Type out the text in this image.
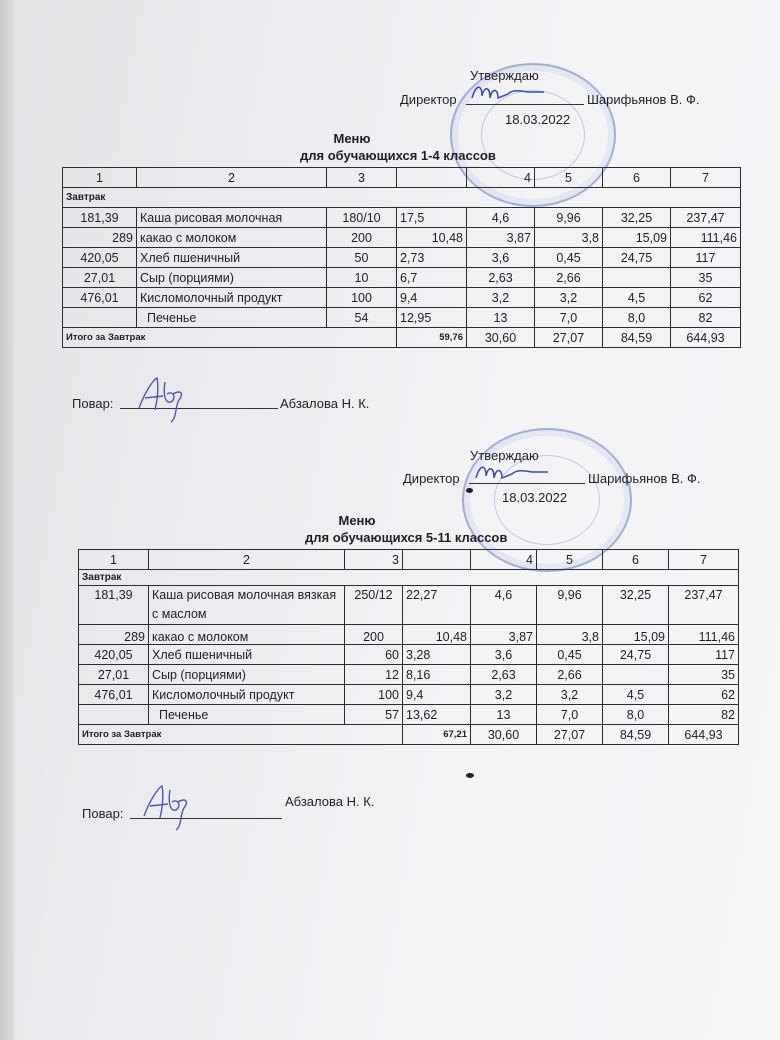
Утверждаю
Директор	Шарифьянов В. Ф.
18.03.2022
Меню
для обучающихся 1-4 классов
1	2	3		4	5	6	7
Завтрак							
181,39	Каша рисовая молочная	180/10	17,5	4,6	9,96	32,25	237,47
289	какао с молоком	200	10,48	3,87	3,8	15,09	111,46
420,05	Хлеб пшеничный	50	2,73	3,6	0,45	24,75	117
27,01	Сыр (порциями)	10	6,7	2,63	2,66		35
476,01	Кисломолочный продукт	100	9,4	3,2	3,2	4,5	62
	Печенье	54	12,95	13	7,0	8,0	82
Итого за Завтрак			59,76	30,60	27,07	84,59	644,93
Повар:	Абзалова Н. К.
Утверждаю
Директор	Шарифьянов В. Ф.
18.03.2022
Меню
для обучающихся 5-11 классов
1	2	3		4	5	6	7
Завтрак							
181,39	Каша рисовая молочная вязкая с маслом	250/12	22,27	4,6	9,96	32,25	237,47
289	какао с молоком	200	10,48	3,87	3,8	15,09	111,46
420,05	Хлеб пшеничный	60	3,28	3,6	0,45	24,75	117
27,01	Сыр (порциями)	12	8,16	2,63	2,66		35
476,01	Кисломолочный продукт	100	9,4	3,2	3,2	4,5	62
	Печенье	57	13,62	13	7,0	8,0	82
Итого за Завтрак			67,21	30,60	27,07	84,59	644,93
Повар:
Абзалова Н. К.
